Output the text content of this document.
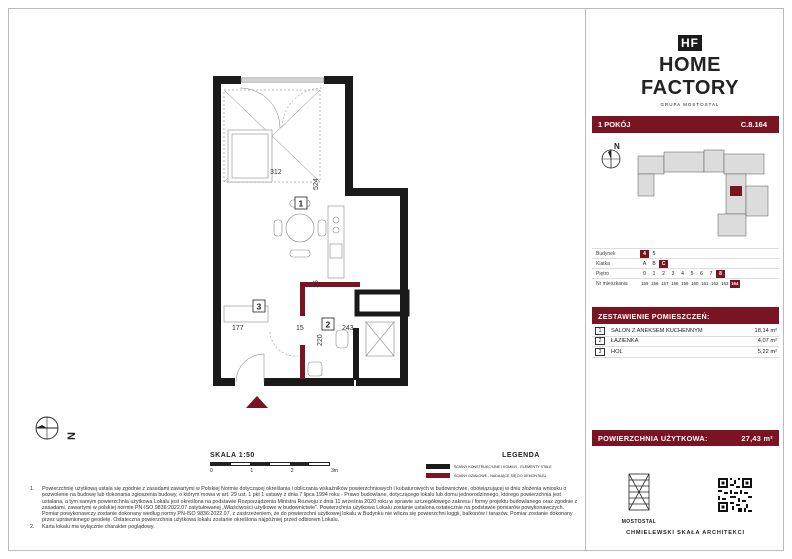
312
524
15
177	15	243
220
1
2
3
N
SKALA 1:50
0	1	2	3m
LEGENDA
ŚCIANY KONSTRUKCYJNE I KOMINY - ELEMENTY STAŁE
ŚCIANY DZIAŁOWE - NADAJĄCE SIĘ DO DEMONTAŻU
1.	Powierzchnię użytkową ustala się zgodnie z zasadami zawartymi w Polskiej Normie dotyczącej określania i obliczania wskaźników powierzchniowych i kubaturowych w budownictwie, obowiązującej w dniu złożenia wniosku o pozwolenie na budowę lub dokonania zgłoszenia budowy, o którym mowa w art. 29 ust. 1 pkt 1 ustawy z dnia 7 lipca 1994 roku - Prawo budowlane, dotyczącego lokalu lub domu jednorodzinnego, którego powierzchnia jest ustalana, a tym samym powierzchnia użytkowa Lokalu jest określona na podstawie Rozporządzenia Ministra Rozwoju z dnia 11 września 2020 roku w sprawie szczegółowego zakresu i formy projektu budowlanego oraz zgodnie z zasadami, zawartymi w polskiej normie PN-ISO 9836:2022.07 zatytułowanej „Właściwości użytkowe w budownictwie". Powierzchnia użytkowa Lokalu zostanie ustalona ostatecznie na podstawie pomiarów powykonawczych. Pomiar powykonawczy zostanie dokonany według normy PN-ISO 9836:2022.07, z zastrzeżeniem, że do powierzchni użytkowej lokalu w Budynku nie wlicza się powierzchni loggii, balkonów i tarasów. Pomiar zostanie dokonany przez uprawnionego geodetę. Ostateczna powierzchnia użytkowa lokalu zostanie określona najpóźniej przed odbiorem Lokalu.
2.	Karta lokalu ma wyłącznie charakter poglądowy.
HF
HOME FACTORY
GRUPA MOSTOSTAL
1 POKÓJ	C.8.164
N
Budynek	4 5
Klatka	A B C
Piętro	0 1 2 3 4 5 6 7 8
Nr mieszkania	155 156 157 158 159 160 161 162 163 164
ZESTAWIENIE POMIESZCZEŃ:
1	SALON Z ANEKSEM KUCHENNYM	18,14 m²
2	ŁAZIENKA	4,07 m²
3	HOL	5,22 m²
POWIERZCHNIA UŻYTKOWA:	27,43 m²
MOSTOSTAL
CHMIELEWSKI SKAŁA ARCHITEKCI
